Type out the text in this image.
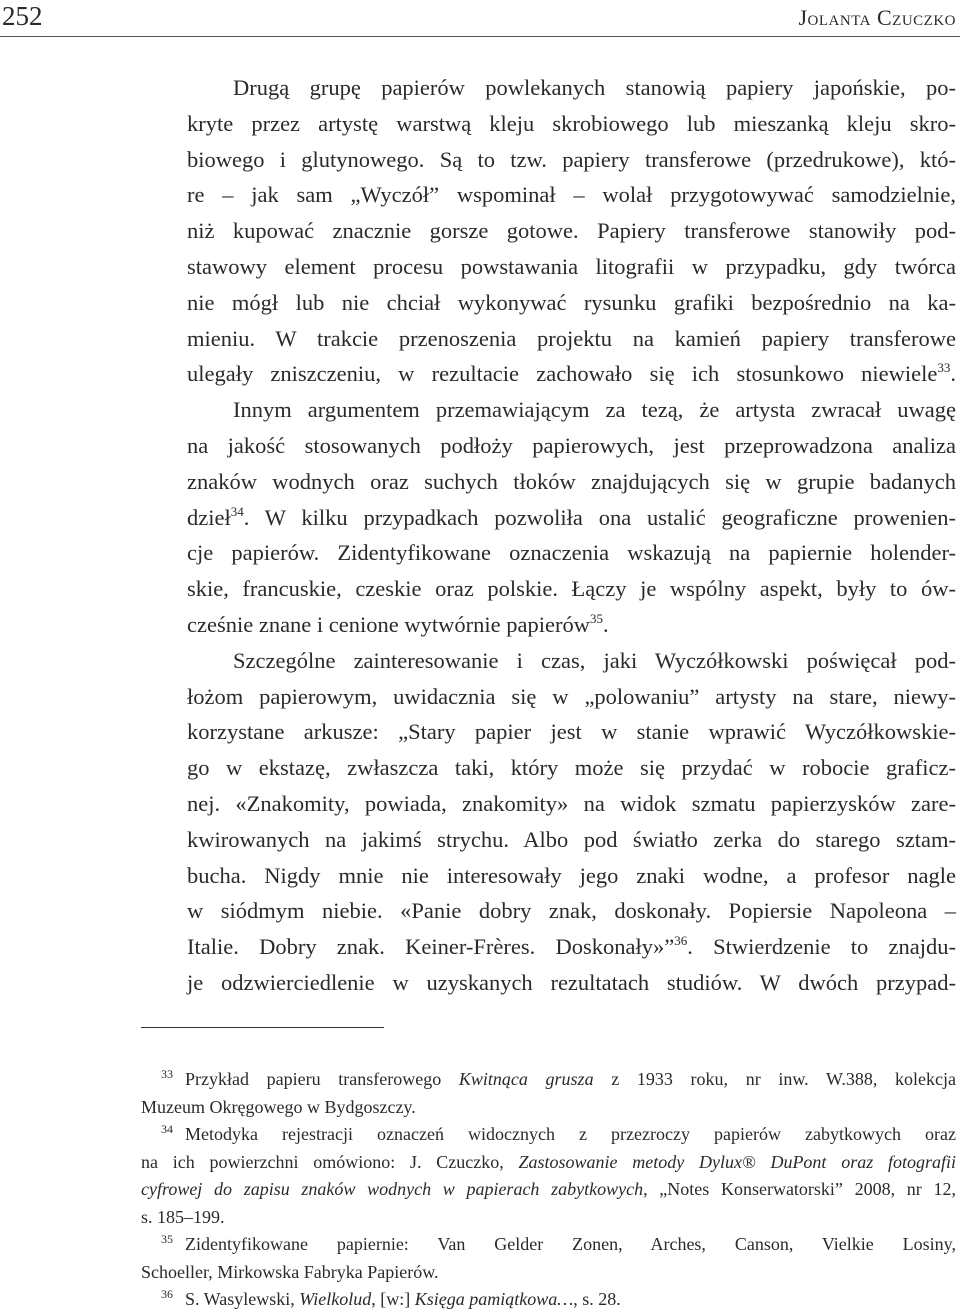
252	Jolanta Czuczko

Drugą grupę papierów powlekanych stanowią papiery japońskie, po-
kryte przez artystę warstwą kleju skrobiowego lub mieszanką kleju skro-
biowego i glutynowego. Są to tzw. papiery transferowe (przedrukowe), któ-
re – jak sam „Wyczół” wspominał – wolał przygotowywać samodzielnie,
niż kupować znacznie gorsze gotowe. Papiery transferowe stanowiły pod-
stawowy element procesu powstawania litografii w przypadku, gdy twórca
nie mógł lub nie chciał wykonywać rysunku grafiki bezpośrednio na ka-
mieniu. W trakcie przenoszenia projektu na kamień papiery transferowe
ulegały zniszczeniu, w rezultacie zachowało się ich stosunkowo niewiele$^{33}$.

Innym argumentem przemawiającym za tezą, że artysta zwracał uwagę
na jakość stosowanych podłoży papierowych, jest przeprowadzona analiza
znaków wodnych oraz suchych tłoków znajdujących się w grupie badanych
dzieł$^{34}$. W kilku przypadkach pozwoliła ona ustalić geograficzne prowenien-
cje papierów. Zidentyfikowane oznaczenia wskazują na papiernie holender-
skie, francuskie, czeskie oraz polskie. Łączy je wspólny aspekt, były to ów-
cześnie znane i cenione wytwórnie papierów$^{35}$.

Szczególne zainteresowanie i czas, jaki Wyczółkowski poświęcał pod-
łożom papierowym, uwidacznia się w „polowaniu” artysty na stare, niewy-
korzystane arkusze: „Stary papier jest w stanie wprawić Wyczółkowskie-
go w ekstazę, zwłaszcza taki, który może się przydać w robocie graficz-
nej. «Znakomity, powiada, znakomity» na widok szmatu papierzysków zare-
kwirowanych na jakimś strychu. Albo pod światło zerka do starego sztam-
bucha. Nigdy mnie nie interesowały jego znaki wodne, a profesor nagle
w siódmym niebie. «Panie dobry znak, doskonały. Popiersie Napoleona –
Italie. Dobry znak. Keiner-Frères. Doskonały»”$^{36}$. Stwierdzenie to znajdu-
je odzwierciedlenie w uzyskanych rezultatach studiów. W dwóch przypad-

$^{33}$ Przykład papieru transferowego Kwitnąca grusza z 1933 roku, nr inw. W.388, kolekcja
Muzeum Okręgowego w Bydgoszczy.
$^{34}$ Metodyka rejestracji oznaczeń widocznych z przezroczy papierów zabytkowych oraz
na ich powierzchni omówiono: J. Czuczko, Zastosowanie metody Dylux® DuPont oraz fotografii
cyfrowej do zapisu znaków wodnych w papierach zabytkowych, „Notes Konserwatorski” 2008, nr 12,
s. 185–199.
$^{35}$ Zidentyfikowane papiernie: Van Gelder Zonen, Arches, Canson, Vielkie Losiny,
Schoeller, Mirkowska Fabryka Papierów.
$^{36}$ S. Wasylewski, Wielkolud, [w:] Księga pamiątkowa…, s. 28.
